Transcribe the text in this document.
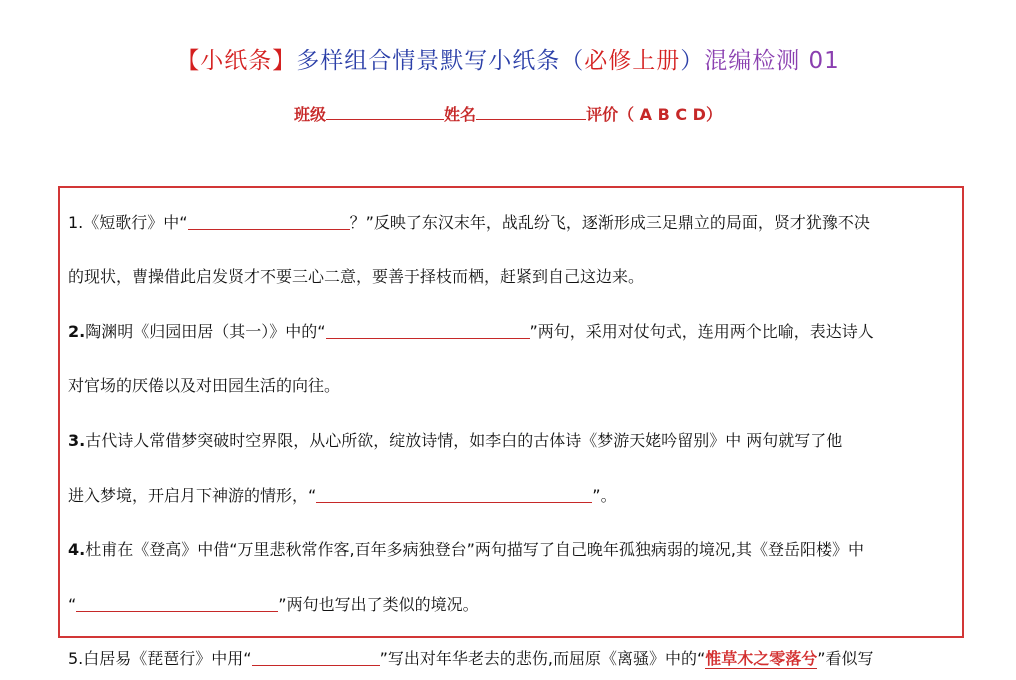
【小纸条】多样组合情景默写小纸条（必修上册）混编检测 01
班级	姓名	评价（ A B C D）
1.《短歌行》中“	？”反映了东汉末年，战乱纷飞，逐渐形成三足鼎立的局面，贤才犹豫不决
的现状，曹操借此启发贤才不要三心二意，要善于择枝而栖，赶紧到自己这边来。
2.陶渊明《归园田居（其一）》中的“	”两句，采用对仗句式，连用两个比喻，表达诗人
对官场的厌倦以及对田园生活的向往。
3.古代诗人常借梦突破时空界限，从心所欲，绽放诗情，如李白的古体诗《梦游天姥吟留别》中 两句就写了他
进入梦境，开启月下神游的情形，“	”。
4.杜甫在《登高》中借“万里悲秋常作客,百年多病独登台”两句描写了自己晚年孤独病弱的境况,其《登岳阳楼》中
“	”两句也写出了类似的境况。
5.白居易《琵琶行》中用“	”写出对年华老去的悲伤,而屈原《离骚》中的“惟草木之零落兮”看似写
